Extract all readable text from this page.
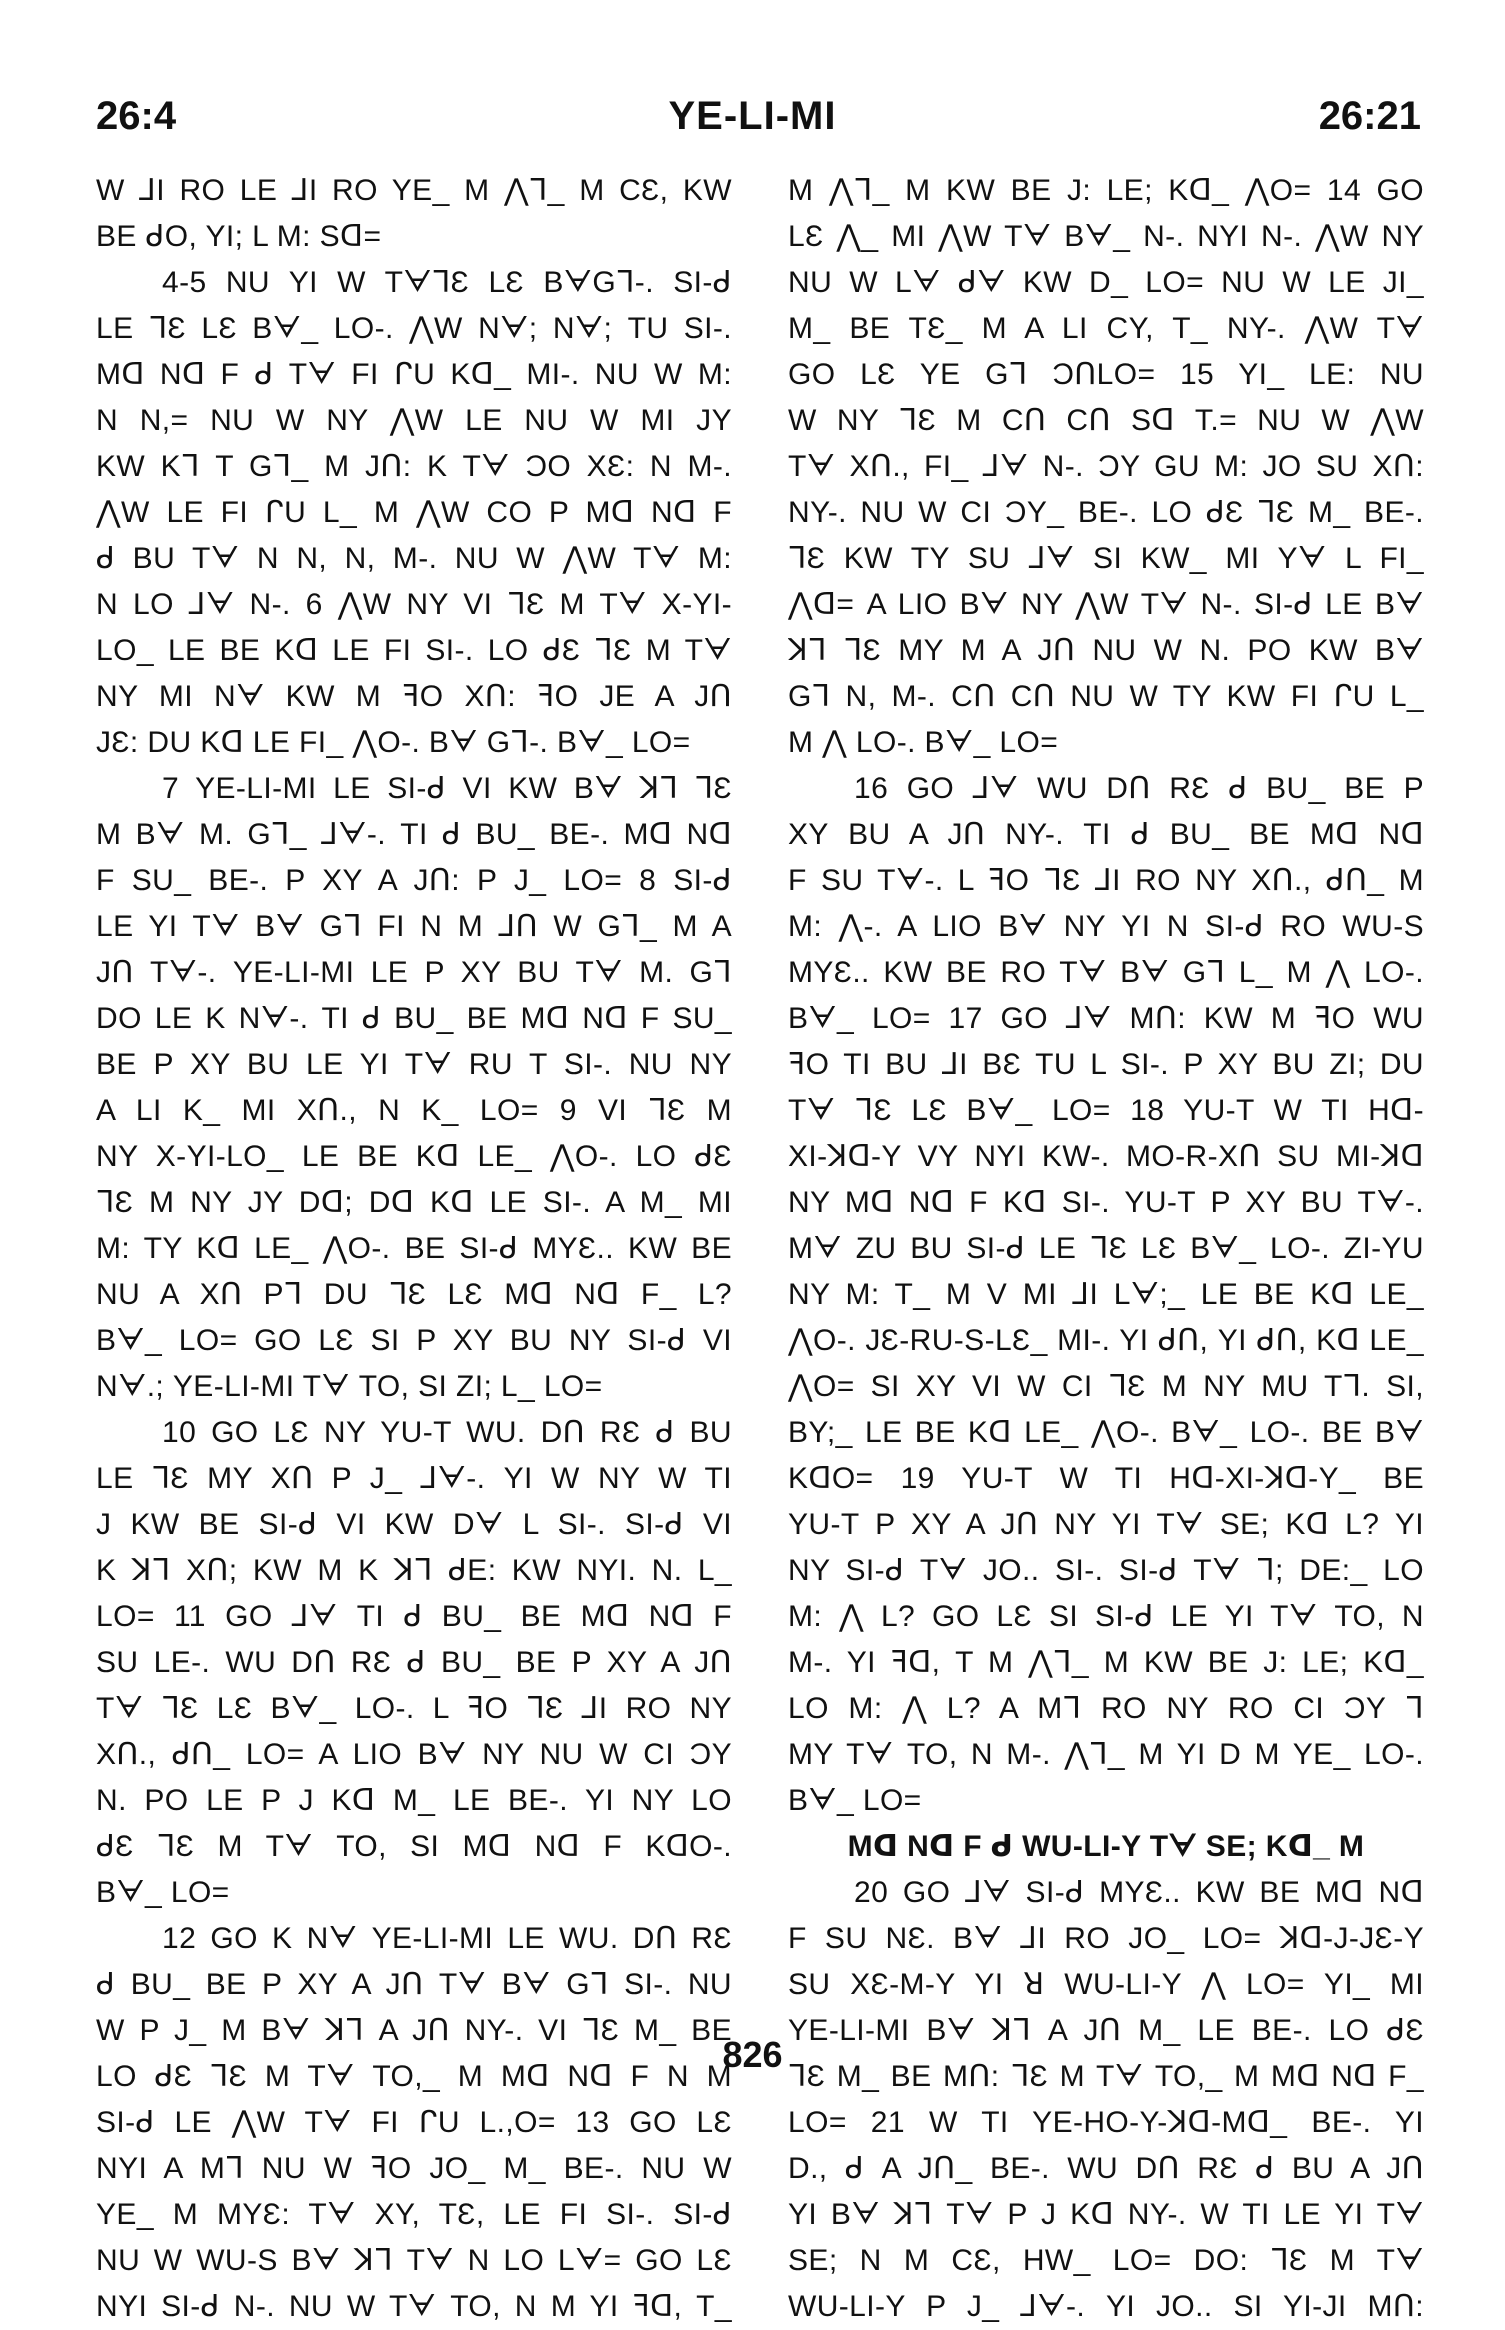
26:4	YE-LI-MI	26:21
W ⅃I RO LE ⅃I RO YE_ M ⋀ᒣ_ M CƐ, KW
BE ᑯO, YI; L M: Sᗡ=
4-5 NU YI W TᗄᒣƐ LƐ BᗄGᒣ-. SI-ᑯ
LE ᒣƐ LƐ Bᗄ_ LO-. ⋀W Nᗄ; Nᗄ; TU SI-.
Mᗡ Nᗡ F ᑯ Tᗄ FI ᒋU Kᗡ_ MI-. NU W M:
N N,= NU W NY ⋀W LE NU W MI JY
KW Kᒣ T Gᒣ_ M Jᑎ: K Tᗄ ƆO XƐ: N M-.
⋀W LE FI ᒋU L_ M ⋀W CO P Mᗡ Nᗡ F
ᑯ BU Tᗄ N N, N, M-. NU W ⋀W Tᗄ M:
N LO ⅃ᗄ N-. 6 ⋀W NY VI ᒣƐ M Tᗄ X-YI-
LO_ LE BE Kᗡ LE FI SI-. LO ᑯƐ ᒣƐ M Tᗄ
NY MI Nᗄ KW M ꟻO Xᑎ: ꟻO JE A Jᑎ
JƐ: DU Kᗡ LE FI_ ⋀O-. Bᗄ Gᒣ-. Bᗄ_ LO=
7 YE-LI-MI LE SI-ᑯ VI KW Bᗄ ꓘᒣ ᒣƐ
M Bᗄ M. Gᒣ_ ⅃ᗄ-. TI ᑯ BU_ BE-. Mᗡ Nᗡ
F SU_ BE-. P XY A Jᑎ: P J_ LO= 8 SI-ᑯ
LE YI Tᗄ Bᗄ Gᒣ FI N M ⅃ᑎ W Gᒣ_ M A
Jᑎ Tᗄ-. YE-LI-MI LE P XY BU Tᗄ M. Gᒣ
DO LE K Nᗄ-. TI ᑯ BU_ BE Mᗡ Nᗡ F SU_
BE P XY BU LE YI Tᗄ RU T SI-. NU NY
A LI K_ MI Xᑎ., N K_ LO= 9 VI ᒣƐ M
NY X-YI-LO_ LE BE Kᗡ LE_ ⋀O-. LO ᑯƐ
ᒣƐ M NY JY Dᗡ; Dᗡ Kᗡ LE SI-. A M_ MI
M: TY Kᗡ LE_ ⋀O-. BE SI-ᑯ MYƐ.. KW BE
NU A Xᑎ Pᒣ DU ᒣƐ LƐ Mᗡ Nᗡ F_ L?
Bᗄ_ LO= GO LƐ SI P XY BU NY SI-ᑯ VI
Nᗄ.; YE-LI-MI Tᗄ TO, SI ZI; L_ LO=
10 GO LƐ NY YU-T WU. Dᑎ RƐ ᑯ BU
LE ᒣƐ MY Xᑎ P J_ ⅃ᗄ-. YI W NY W TI
J KW BE SI-ᑯ VI KW Dᗄ L SI-. SI-ᑯ VI
K ꓘᒣ Xᑎ; KW M K ꓘᒣ ᑯE: KW NYI. N. L_
LO= 11 GO ⅃ᗄ TI ᑯ BU_ BE Mᗡ Nᗡ F
SU LE-. WU Dᑎ RƐ ᑯ BU_ BE P XY A Jᑎ
Tᗄ ᒣƐ LƐ Bᗄ_ LO-. L ꟻO ᒣƐ ⅃I RO NY
Xᑎ., ᑯᑎ_ LO= A LIO Bᗄ NY NU W CI ƆY
N. PO LE P J Kᗡ M_ LE BE-. YI NY LO
ᑯƐ ᒣƐ M Tᗄ TO, SI Mᗡ Nᗡ F KᗡO-.
Bᗄ_ LO=
12 GO K Nᗄ YE-LI-MI LE WU. Dᑎ RƐ
ᑯ BU_ BE P XY A Jᑎ Tᗄ Bᗄ Gᒣ SI-. NU
W P J_ M Bᗄ ꓘᒣ A Jᑎ NY-. VI ᒣƐ M_ BE
LO ᑯƐ ᒣƐ M Tᗄ TO,_ M Mᗡ Nᗡ F N M
SI-ᑯ LE ⋀W Tᗄ FI ᒋU L.,O= 13 GO LƐ
NYI A Mᒣ NU W ꟻO JO_ M_ BE-. NU W
YE_ M MYƐ: Tᗄ XY, TƐ, LE FI SI-. SI-ᑯ
NU W WU-S Bᗄ ꓘᒣ Tᗄ N LO Lᗄ= GO LƐ
NYI SI-ᑯ N-. NU W Tᗄ TO, N M YI ꟻᗡ, T_
M ⋀ᒣ_ M KW BE J: LE; Kᗡ_ ⋀O= 14 GO
LƐ ⋀_ MI ⋀W Tᗄ Bᗄ_ N-. NYI N-. ⋀W NY
NU W Lᗄ ᑯᗄ KW D_ LO= NU W LE JI_
M_ BE TƐ_ M A LI CY, T_ NY-. ⋀W Tᗄ
GO LƐ YE Gᒣ ƆᑎLO= 15 YI_ LE: NU
W NY ᒣƐ M Cᑎ Cᑎ Sᗡ T.= NU W ⋀W
Tᗄ Xᑎ., FI_ ⅃ᗄ N-. ƆY GU M: JO SU Xᑎ:
NY-. NU W CI ƆY_ BE-. LO ᑯƐ ᒣƐ M_ BE-.
ᒣƐ KW TY SU ⅃ᗄ SI KW_ MI Yᗄ L FI_
⋀ᗡ= A LIO Bᗄ NY ⋀W Tᗄ N-. SI-ᑯ LE Bᗄ
ꓘᒣ ᒣƐ MY M A Jᑎ NU W N. PO KW Bᗄ
Gᒣ N, M-. Cᑎ Cᑎ NU W TY KW FI ᒋU L_
M ⋀ LO-. Bᗄ_ LO=
16 GO ⅃ᗄ WU Dᑎ RƐ ᑯ BU_ BE P
XY BU A Jᑎ NY-. TI ᑯ BU_ BE Mᗡ Nᗡ
F SU Tᗄ-. L ꟻO ᒣƐ ⅃I RO NY Xᑎ., ᑯᑎ_ M
M: ⋀-. A LIO Bᗄ NY YI N SI-ᑯ RO WU-S
MYƐ.. KW BE RO Tᗄ Bᗄ Gᒣ L_ M ⋀ LO-.
Bᗄ_ LO= 17 GO ⅃ᗄ Mᑎ: KW M ꟻO WU
ꟻO TI BU ⅃I BƐ TU L SI-. P XY BU ZI; DU
Tᗄ ᒣƐ LƐ Bᗄ_ LO= 18 YU-T W TI Hᗡ-
XI-ꓘᗡ-Y VY NYI KW-. MO-R-Xᑎ SU MI-ꓘᗡ
NY Mᗡ Nᗡ F Kᗡ SI-. YU-T P XY BU Tᗄ-.
Mᗄ ZU BU SI-ᑯ LE ᒣƐ LƐ Bᗄ_ LO-. ZI-YU
NY M: T_ M V MI ⅃I Lᗄ;_ LE BE Kᗡ LE_
⋀O-. JƐ-RU-S-LƐ_ MI-. YI ᑯᑎ, YI ᑯᑎ, Kᗡ LE_
⋀O= SI XY VI W CI ᒣƐ M NY MU Tᒣ. SI,
BY;_ LE BE Kᗡ LE_ ⋀O-. Bᗄ_ LO-. BE Bᗄ
KᗡO= 19 YU-T W TI Hᗡ-XI-ꓘᗡ-Y_ BE
YU-T P XY A Jᑎ NY YI Tᗄ SE; Kᗡ L? YI
NY SI-ᑯ Tᗄ JO.. SI-. SI-ᑯ Tᗄ ᒣ; DE:_ LO
M: ⋀ L? GO LƐ SI SI-ᑯ LE YI Tᗄ TO, N
M-. YI ꟻᗡ, T M ⋀ᒣ_ M KW BE J: LE; Kᗡ_
LO M: ⋀ L? A Mᒣ RO NY RO CI ƆY ᒣ
MY Tᗄ TO, N M-. ⋀ᒣ_ M YI D M YE_ LO-.
Bᗄ_ LO=
Mᗡ Nᗡ F ᑯ WU-LI-Y Tᗄ SE; Kᗡ_ M
20 GO ⅃ᗄ SI-ᑯ MYƐ.. KW BE Mᗡ Nᗡ
F SU NƐ. Bᗄ ⅃I RO JO_ LO= ꓘᗡ-J-JƐ-Y
SU XƐ-M-Y YI ꓤ WU-LI-Y ⋀ LO= YI_ MI
YE-LI-MI Bᗄ ꓘᒣ A Jᑎ M_ LE BE-. LO ᑯƐ
ᒣƐ M_ BE Mᑎ: ᒣƐ M Tᗄ TO,_ M Mᗡ Nᗡ F_
LO= 21 W TI YE-HO-Y-ꓘᗡ-Mᗡ_ BE-. YI
D., ᑯ A Jᑎ_ BE-. WU Dᑎ RƐ ᑯ BU A Jᑎ
YI Bᗄ ꓘᒣ Tᗄ P J Kᗡ NY-. W TI LE YI Tᗄ
SE; N M CƐ, HW_ LO= DO: ᒣƐ M Tᗄ
WU-LI-Y P J_ ⅃ᗄ-. YI JO.. SI YI-JI Mᑎ:
826
